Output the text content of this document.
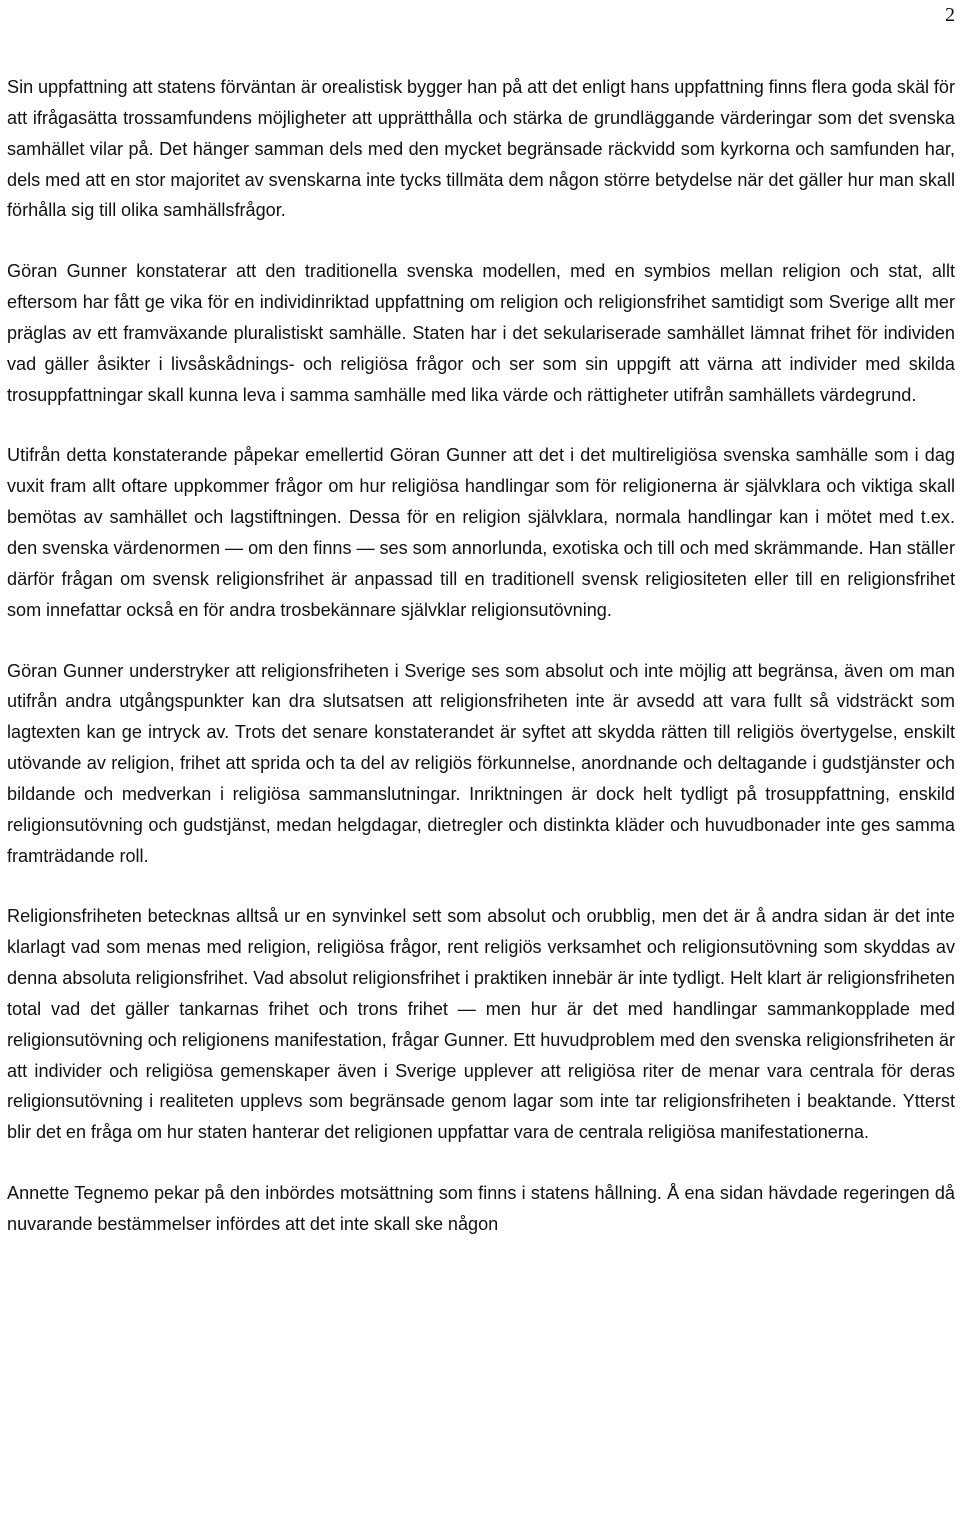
2

Sin uppfattning att statens förväntan är orealistisk bygger han på att det enligt hans uppfattning finns flera goda skäl för att ifrågasätta trossamfundens möjligheter att upprätthålla och stärka de grundläggande värderingar som det svenska samhället vilar på. Det hänger samman dels med den mycket begränsade räckvidd som kyrkorna och samfunden har, dels med att en stor majoritet av svenskarna inte tycks tillmäta dem någon större betydelse när det gäller hur man skall förhålla sig till olika samhällsfrågor.

Göran Gunner konstaterar att den traditionella svenska modellen, med en symbios mellan religion och stat, allt eftersom har fått ge vika för en individinriktad uppfattning om religion och religionsfrihet samtidigt som Sverige allt mer präglas av ett framväxande pluralistiskt samhälle. Staten har i det sekulariserade samhället lämnat frihet för individen vad gäller åsikter i livsåskådnings- och religiösa frågor och ser som sin uppgift att värna att individer med skilda trosuppfattningar skall kunna leva i samma samhälle med lika värde och rättigheter utifrån samhällets värdegrund.

Utifrån detta konstaterande påpekar emellertid Göran Gunner att det i det multireligiösa svenska samhälle som i dag vuxit fram allt oftare uppkommer frågor om hur religiösa handlingar som för religionerna är självklara och viktiga skall bemötas av samhället och lagstiftningen. Dessa för en religion självklara, normala handlingar kan i mötet med t.ex. den svenska värdenormen — om den finns — ses som annorlunda, exotiska och till och med skrämmande. Han ställer därför frågan om svensk religionsfrihet är anpassad till en traditionell svensk religiositeten eller till en religionsfrihet som innefattar också en för andra trosbekännare självklar religionsutövning.

Göran Gunner understryker att religionsfriheten i Sverige ses som absolut och inte möjlig att begränsa, även om man utifrån andra utgångspunkter kan dra slutsatsen att religionsfriheten inte är avsedd att vara fullt så vidsträckt som lagtexten kan ge intryck av. Trots det senare konstaterandet är syftet att skydda rätten till religiös övertygelse, enskilt utövande av religion, frihet att sprida och ta del av religiös förkunnelse, anordnande och deltagande i gudstjänster och bildande och medverkan i religiösa sammanslutningar. Inriktningen är dock helt tydligt på trosuppfattning, enskild religionsutövning och gudstjänst, medan helgdagar, dietregler och distinkta kläder och huvudbonader inte ges samma framträdande roll.

Religionsfriheten betecknas alltså ur en synvinkel sett som absolut och orubblig, men det är å andra sidan är det inte klarlagt vad som menas med religion, religiösa frågor, rent religiös verksamhet och religionsutövning som skyddas av denna absoluta religionsfrihet. Vad absolut religionsfrihet i praktiken innebär är inte tydligt. Helt klart är religionsfriheten total vad det gäller tankarnas frihet och trons frihet — men hur är det med handlingar sammankopplade med religionsutövning och religionens manifestation, frågar Gunner. Ett huvudproblem med den svenska religionsfriheten är att individer och religiösa gemenskaper även i Sverige upplever att religiösa riter de menar vara centrala för deras religionsutövning i realiteten upplevs som begränsade genom lagar som inte tar religionsfriheten i beaktande. Ytterst blir det en fråga om hur staten hanterar det religionen uppfattar vara de centrala religiösa manifestationerna.

Annette Tegnemo pekar på den inbördes motsättning som finns i statens hållning. Å ena sidan hävdade regeringen då nuvarande bestämmelser infördes att det inte skall ske någon
